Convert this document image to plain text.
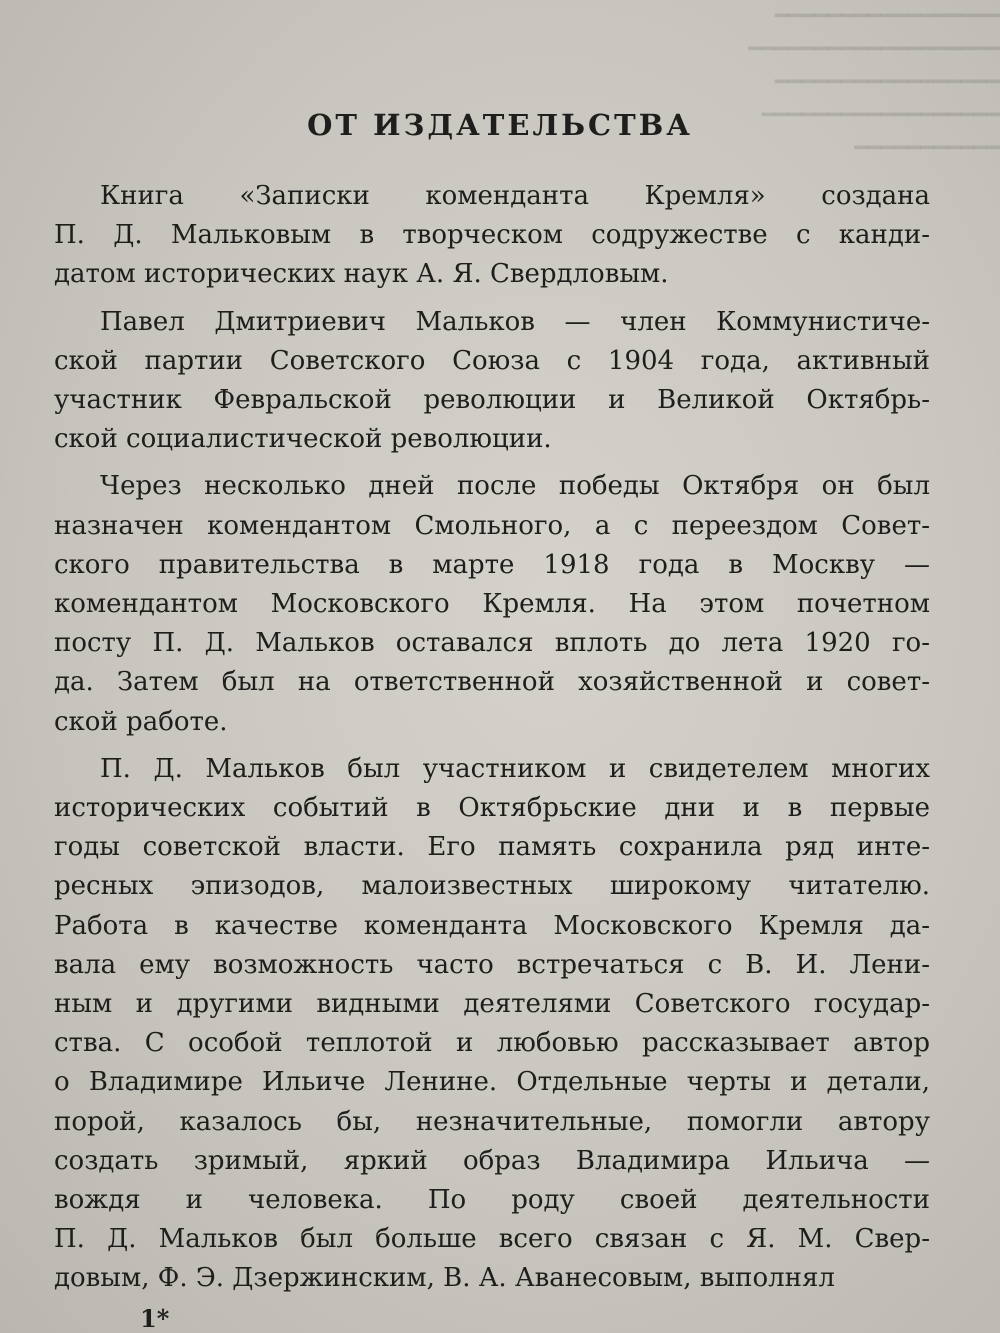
━━━━━━━━━━━━━━━━━
━━━━━━━━━━━━━━━━━━━
━━━━━━━━━━━━━━━━━
━━━━━━━━━━━━━━━━━━
━━━━━━━━━━━
ОТ ИЗДАТЕЛЬСТВА
Книга «Записки коменданта Кремля» создана
П. Д. Мальковым в творческом содружестве с канди-
датом исторических наук А. Я. Свердловым.
Павел Дмитриевич Мальков — член Коммунистиче-
ской партии Советского Союза с 1904 года, активный
участник Февральской революции и Великой Октябрь-
ской социалистической революции.
Через несколько дней после победы Октября он был
назначен комендантом Смольного, а с переездом Совет-
ского правительства в марте 1918 года в Москву —
комендантом Московского Кремля. На этом почетном
посту П. Д. Мальков оставался вплоть до лета 1920 го-
да. Затем был на ответственной хозяйственной и совет-
ской работе.
П. Д. Мальков был участником и свидетелем многих
исторических событий в Октябрьские дни и в первые
годы советской власти. Его память сохранила ряд инте-
ресных эпизодов, малоизвестных широкому читателю.
Работа в качестве коменданта Московского Кремля да-
вала ему возможность часто встречаться с В. И. Лени-
ным и другими видными деятелями Советского государ-
ства. С особой теплотой и любовью рассказывает автор
о Владимире Ильиче Ленине. Отдельные черты и детали,
порой, казалось бы, незначительные, помогли автору
создать зримый, яркий образ Владимира Ильича —
вождя и человека. По роду своей деятельности
П. Д. Мальков был больше всего связан с Я. М. Свер-
довым, Ф. Э. Дзержинским, В. А. Аванесовым, выполнял
1*
